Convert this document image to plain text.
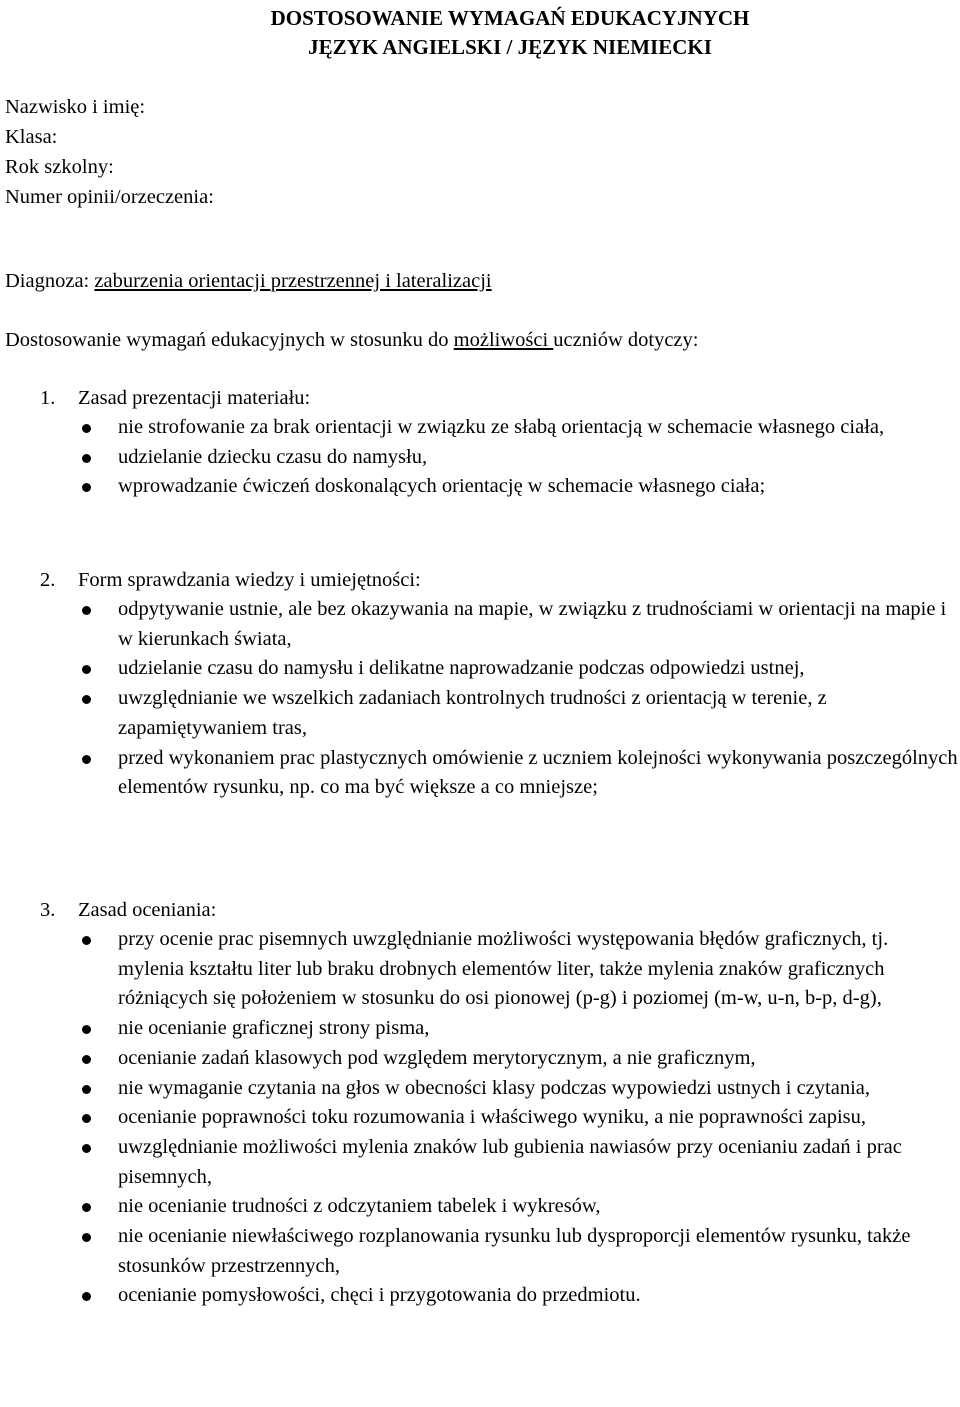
DOSTOSOWANIE WYMAGAŃ EDUKACYJNYCH
JĘZYK ANGIELSKI / JĘZYK NIEMIECKI
Nazwisko i imię:
Klasa:
Rok szkolny:
Numer opinii/orzeczenia:
Diagnoza: zaburzenia orientacji przestrzennej i lateralizacji
Dostosowanie wymagań edukacyjnych w stosunku do możliwości uczniów dotyczy:
1. Zasad prezentacji materiału:
nie strofowanie za brak orientacji w związku ze słabą orientacją w schemacie własnego ciała,
udzielanie dziecku czasu do namysłu,
wprowadzanie ćwiczeń doskonalących orientację w schemacie własnego ciała;
2. Form sprawdzania wiedzy i umiejętności:
odpytywanie ustnie, ale bez okazywania na mapie, w związku z trudnościami w orientacji na mapie i w kierunkach świata,
udzielanie czasu do namysłu i delikatne naprowadzanie podczas odpowiedzi ustnej,
uwzględnianie we wszelkich zadaniach kontrolnych trudności z orientacją w terenie, z zapamiętywaniem tras,
przed wykonaniem prac plastycznych omówienie z uczniem kolejności wykonywania poszczególnych elementów rysunku, np. co ma być większe a co mniejsze;
3. Zasad oceniania:
przy ocenie prac pisemnych uwzględnianie możliwości występowania błędów graficznych, tj. mylenia kształtu liter lub braku drobnych elementów liter, także mylenia znaków graficznych różniących się położeniem w stosunku do osi pionowej (p-g) i poziomej (m-w, u-n, b-p, d-g),
nie ocenianie graficznej strony pisma,
ocenianie zadań klasowych pod względem merytorycznym, a nie graficznym,
nie wymaganie czytania na głos w obecności klasy podczas wypowiedzi ustnych i czytania,
ocenianie poprawności toku rozumowania i właściwego wyniku, a nie poprawności zapisu,
uwzględnianie możliwości mylenia znaków lub gubienia nawiasów przy ocenianiu zadań i prac pisemnych,
nie ocenianie trudności z odczytaniem tabelek i wykresów,
nie ocenianie niewłaściwego rozplanowania rysunku lub dysproporcji elementów rysunku, także stosunków przestrzennych,
ocenianie pomysłowości, chęci i przygotowania do przedmiotu.
